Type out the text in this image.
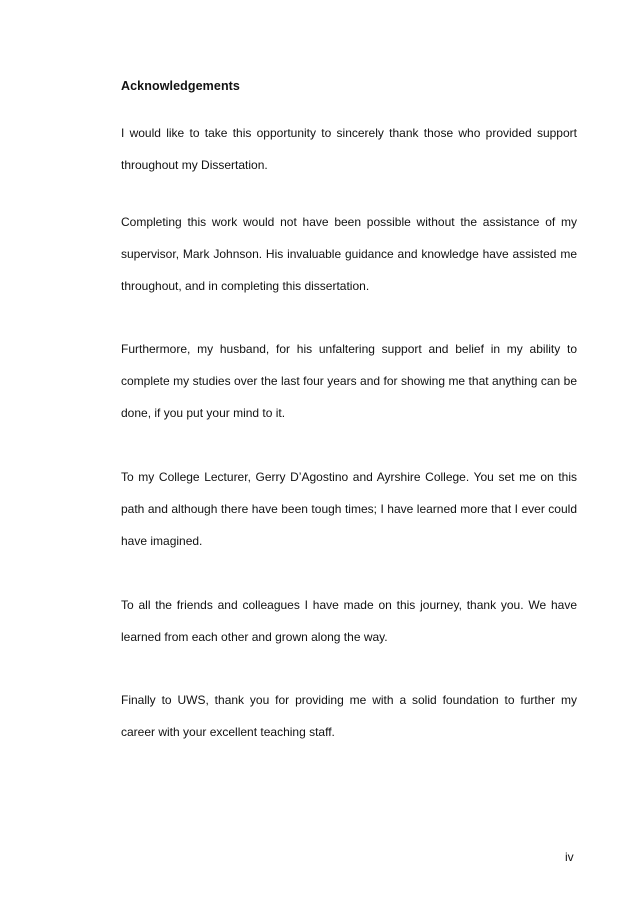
Acknowledgements

I would like to take this opportunity to sincerely thank those who provided support throughout my Dissertation.

Completing this work would not have been possible without the assistance of my supervisor, Mark Johnson. His invaluable guidance and knowledge have assisted me throughout, and in completing this dissertation.

Furthermore, my husband, for his unfaltering support and belief in my ability to complete my studies over the last four years and for showing me that anything can be done, if you put your mind to it.

To my College Lecturer, Gerry D’Agostino and Ayrshire College. You set me on this path and although there have been tough times; I have learned more that I ever could have imagined.

To all the friends and colleagues I have made on this journey, thank you. We have learned from each other and grown along the way.

Finally to UWS, thank you for providing me with a solid foundation to further my career with your excellent teaching staff.

iv
